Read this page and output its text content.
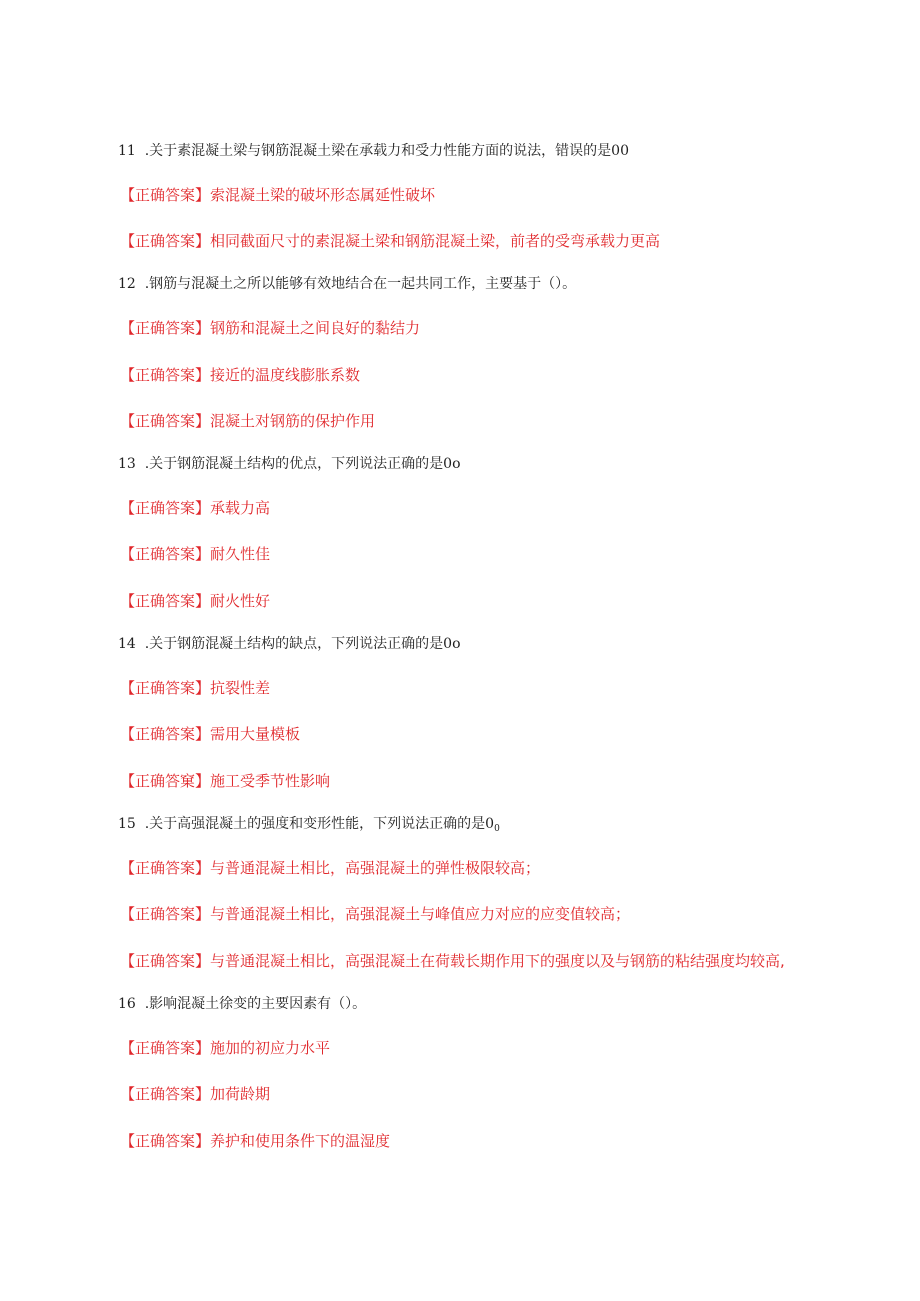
11  .关于素混凝土梁与钢筋混凝土梁在承载力和受力性能方面的说法，错误的是00
【正确答案】索混凝土梁的破坏形态属延性破坏
【正确答案】相同截面尺寸的素混凝土梁和钢筋混凝土梁，前者的受弯承载力更高
12  .钢筋与混凝土之所以能够有效地结合在一起共同工作，主要基于（）。
【正确答案】钢筋和混凝土之间良好的黏结力
【正确答案】接近的温度线膨胀系数
【正确答案】混凝土对钢筋的保护作用
13  .关于钢筋混凝土结构的优点，下列说法正确的是0o
【正确答案】承载力高
【正确答案】耐久性佳
【正确答案】耐火性好
14  .关于钢筋混凝土结构的缺点，下列说法正确的是0o
【正确答案】抗裂性差
【正确答案】需用大量模板
【正确答窠】施工受季节性影响
15  .关于高强混凝土的强度和变形性能，下列说法正确的是$0_0$
【正确答案】与普通混凝土相比，高强混凝土的弹性极限较高；
【正确答案】与普通混凝土相比，高强混凝土与峰值应力对应的应变值较高；
【正确答案】与普通混凝土相比，高强混凝土在荷载长期作用下的强度以及与钢筋的粘结强度均较高,
16  .影响混凝土徐变的主要因素有（）。
【正确答案】施加的初应力水平
【正确答案】加荷龄期
【正确答案】养护和使用条件下的温湿度
